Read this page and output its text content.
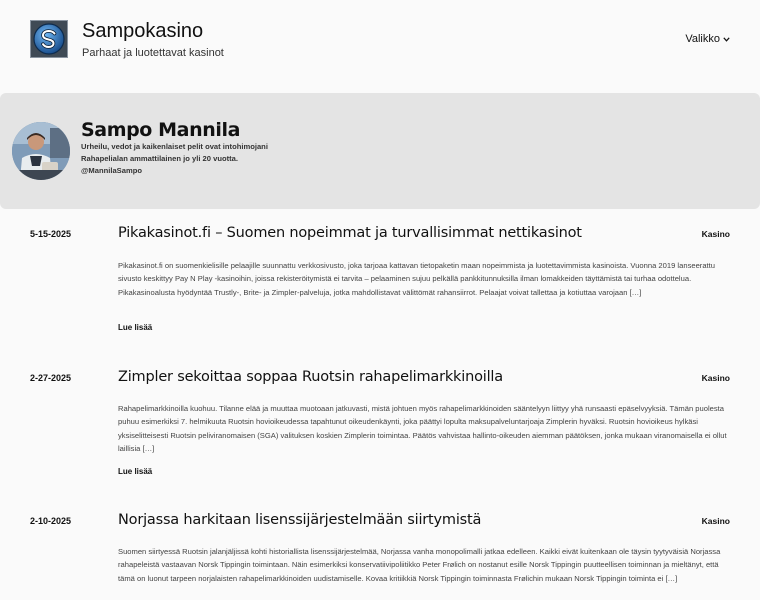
Sampokasino
Parhaat ja luotettavat kasinot
Valikko
Sampo Mannila
Urheilu, vedot ja kaikenlaiset pelit ovat intohimojani
Rahapelialan ammattilainen jo yli 20 vuotta.
@MannilaSampo
5-15-2025	Pikakasinot.fi – Suomen nopeimmat ja turvallisimmat nettikasinot	Kasino
Pikakasinot.fi on suomenkielisille pelaajille suunnattu verkkosivusto, joka tarjoaa kattavan tietopaketin maan nopeimmista ja luotettavimmista kasinoista. Vuonna 2019 lanseerattu sivusto keskittyy Pay N Play -kasinoihin, joissa rekisteröitymistä ei tarvita – pelaaminen sujuu pelkällä pankkitunnuksilla ilman lomakkeiden täyttämistä tai turhaa odottelua. Pikakasinoalusta hyödyntää Trustly-, Brite- ja Zimpler-palveluja, jotka mahdollistavat välittömät rahansiirrot. Pelaajat voivat tallettaa ja kotiuttaa varojaan […]
Lue lisää
2-27-2025	Zimpler sekoittaa soppaa Ruotsin rahapelimarkkinoilla	Kasino
Rahapelimarkkinoilla kuohuu. Tilanne elää ja muuttaa muotoaan jatkuvasti, mistä johtuen myös rahapelimarkkinoiden sääntelyyn liittyy yhä runsaasti epäselvyyksiä. Tämän puolesta puhuu esimerkiksi 7. helmikuuta Ruotsin hovioikeudessa tapahtunut oikeudenkäynti, joka päättyi lopulta maksupalveluntarjoaja Zimplerin hyväksi. Ruotsin hovioikeus hylkäsi yksiselitteisesti Ruotsin peliviranomaisen (SGA) valituksen koskien Zimplerin toimintaa. Päätös vahvistaa hallinto-oikeuden aiemman päätöksen, jonka mukaan viranomaisella ei ollut laillisia […]
Lue lisää
2-10-2025	Norjassa harkitaan lisenssijärjestelmään siirtymistä	Kasino
Suomen siirtyessä Ruotsin jalanjäljissä kohti historiallista lisenssijärjestelmää, Norjassa vanha monopolimalli jatkaa edelleen. Kaikki eivät kuitenkaan ole täysin tyytyväisiä Norjassa rahapeleistä vastaavan Norsk Tippingin toimintaan. Näin esimerkiksi konservatiivipoliitikko Peter Frølich on nostanut esille Norsk Tippingin puutteellisen toiminnan ja mieltänyt, että tämä on luonut tarpeen norjalaisten rahapelimarkkinoiden uudistamiselle. Kovaa kritiikkiä Norsk Tippingin toiminnasta Frølichin mukaan Norsk Tippingin toiminta ei […]
